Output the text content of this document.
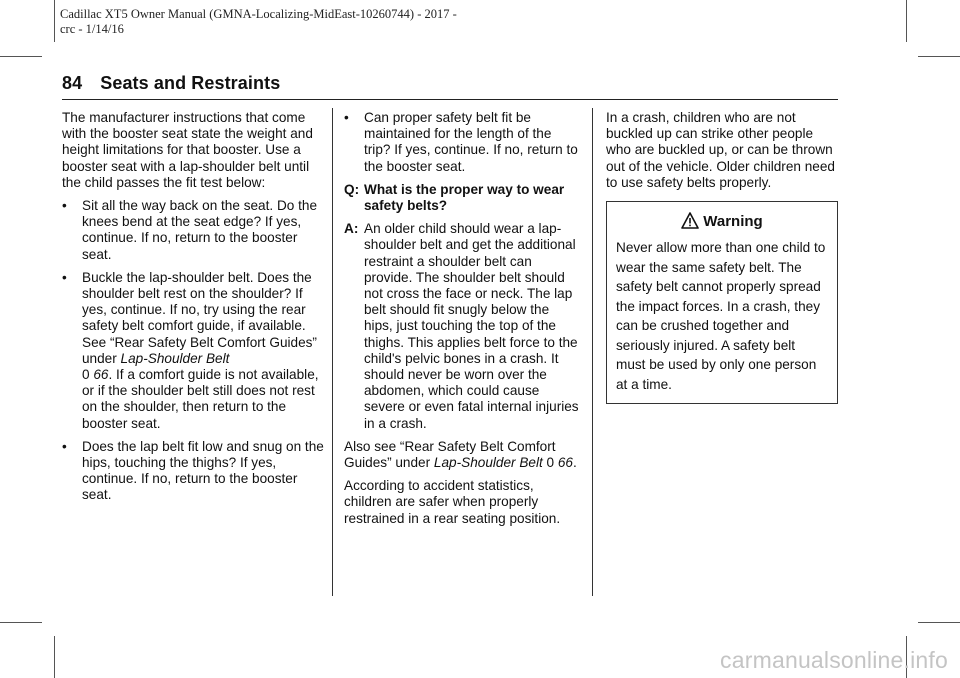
Cadillac XT5 Owner Manual (GMNA-Localizing-MidEast-10260744) - 2017 -
crc - 1/14/16
84 Seats and Restraints

The manufacturer instructions that come with the booster seat state the weight and height limitations for that booster. Use a booster seat with a lap-shoulder belt until the child passes the fit test below:

•	Sit all the way back on the seat. Do the knees bend at the seat edge? If yes, continue. If no, return to the booster seat.
•	Buckle the lap-shoulder belt. Does the shoulder belt rest on the shoulder? If yes, continue. If no, try using the rear safety belt comfort guide, if available. See “Rear Safety Belt Comfort Guides” under Lap-Shoulder Belt
0 66. If a comfort guide is not available, or if the shoulder belt still does not rest on the shoulder, then return to the booster seat.
•	Does the lap belt fit low and snug on the hips, touching the thighs? If yes, continue. If no, return to the booster seat.
•	Can proper safety belt fit be maintained for the length of the trip? If yes, continue. If no, return to the booster seat.
Q: What is the proper way to wear safety belts?
A: An older child should wear a lap-shoulder belt and get the additional restraint a shoulder belt can provide. The shoulder belt should not cross the face or neck. The lap belt should fit snugly below the hips, just touching the top of the thighs. This applies belt force to the child's pelvic bones in a crash. It should never be worn over the abdomen, which could cause severe or even fatal internal injuries in a crash.

Also see “Rear Safety Belt Comfort Guides” under Lap-Shoulder Belt 0 66.

According to accident statistics, children are safer when properly restrained in a rear seating position.

In a crash, children who are not buckled up can strike other people who are buckled up, or can be thrown out of the vehicle. Older children need to use safety belts properly.

Warning
Never allow more than one child to wear the same safety belt. The safety belt cannot properly spread the impact forces. In a crash, they can be crushed together and seriously injured. A safety belt must be used by only one person at a time.
carmanualsonline.info
